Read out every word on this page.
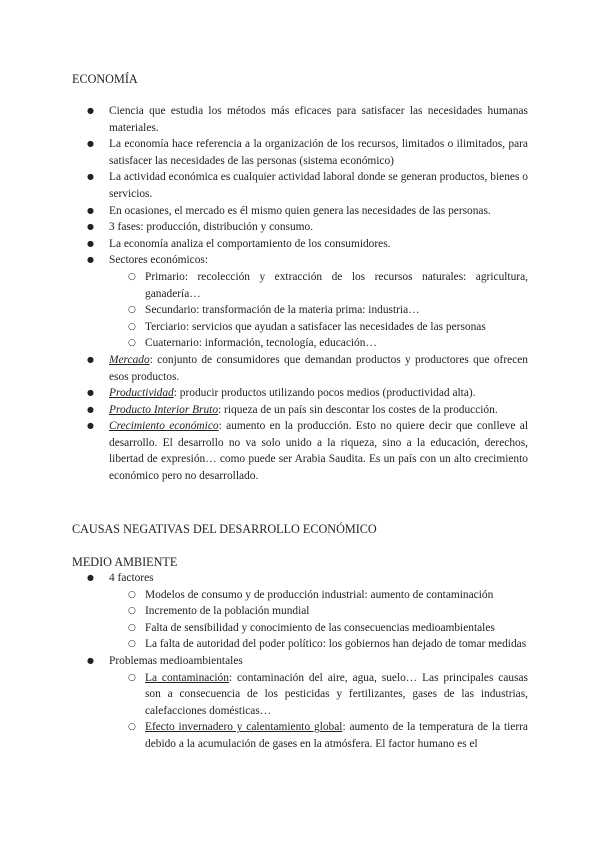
ECONOMÍA
● Ciencia que estudia los métodos más eficaces para satisfacer las necesidades humanas materiales.
● La economía hace referencia a la organización de los recursos, limitados o ilimitados, para satisfacer las necesidades de las personas (sistema económico)
● La actividad económica es cualquier actividad laboral donde se generan productos, bienes o servicios.
● En ocasiones, el mercado es él mismo quien genera las necesidades de las personas.
● 3 fases: producción, distribución y consumo.
● La economía analiza el comportamiento de los consumidores.
● Sectores económicos:
○ Primario: recolección y extracción de los recursos naturales: agricultura, ganadería…
○ Secundario: transformación de la materia prima: industria…
○ Terciario: servicios que ayudan a satisfacer las necesidades de las personas
○ Cuaternario: información, tecnología, educación…
● Mercado: conjunto de consumidores que demandan productos y productores que ofrecen esos productos.
● Productividad: producir productos utilizando pocos medios (productividad alta).
● Producto Interior Bruto: riqueza de un país sin descontar los costes de la producción.
● Crecimiento económico: aumento en la producción. Esto no quiere decir que conlleve al desarrollo. El desarrollo no va solo unido a la riqueza, sino a la educación, derechos, libertad de expresión… como puede ser Arabia Saudita. Es un país con un alto crecimiento económico pero no desarrollado.
CAUSAS NEGATIVAS DEL DESARROLLO ECONÓMICO
MEDIO AMBIENTE
● 4 factores
○ Modelos de consumo y de producción industrial: aumento de contaminación
○ Incremento de la población mundial
○ Falta de sensibilidad y conocimiento de las consecuencias medioambientales
○ La falta de autoridad del poder político: los gobiernos han dejado de tomar medidas
● Problemas medioambientales
○ La contaminación: contaminación del aire, agua, suelo… Las principales causas son a consecuencia de los pesticidas y fertilizantes, gases de las industrias, calefacciones domésticas…
○ Efecto invernadero y calentamiento global: aumento de la temperatura de la tierra debido a la acumulación de gases en la atmósfera. El factor humano es el
